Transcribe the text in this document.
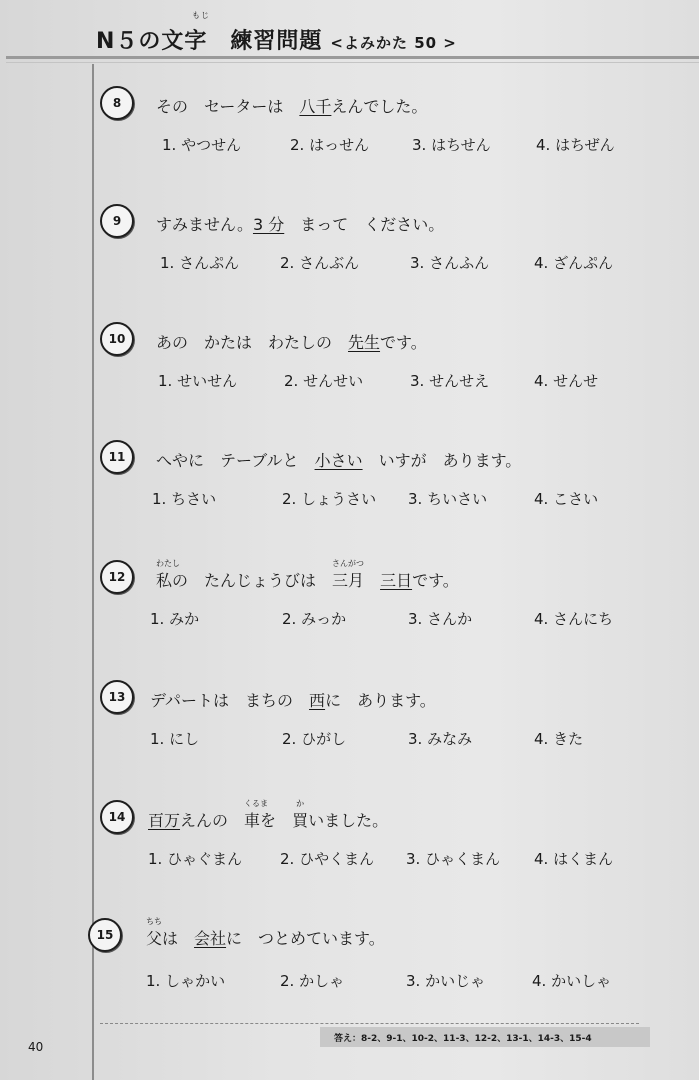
もじ
N５の文字　練習問題 <よみかた 50 >
8	その　セーターは　八千えんでした。
1. やつせん	2. はっせん	3. はちせん	4. はちぜん
9	すみません。3 分　まって　ください。
1. さんぷん	2. さんぶん	3. さんふん	4. ざんぷん
10	あの　かたは　わたしの　先生です。
1. せいせん	2. せんせい	3. せんせえ	4. せんせ
11	へやに　テーブルと　小さい　いすが　あります。
1. ちさい	2. しょうさい 3. ちいさい	4. こさい
12
わたし
私の　たんじょうびは　
さんがつ
三月　 三日です。
1. みか	2. みっか	3. さんか	4. さんにち
13	デパートは　まちの　西に　あります。
1. にし	2. ひがし	3. みなみ	4. きた
14	百万えんの　
くるま
車を　
か
買いました。
1. ひゃぐまん	2. ひやくまん 3. ひゃくまん 4. はくまん
15
ちち
父は　会社に　つとめています。
1. しゃかい	2. かしゃ	3. かいじゃ	4. かいしゃ
答え：8-2、9-1、10-2、11-3、12-2、13-1、14-3、15-4
40
